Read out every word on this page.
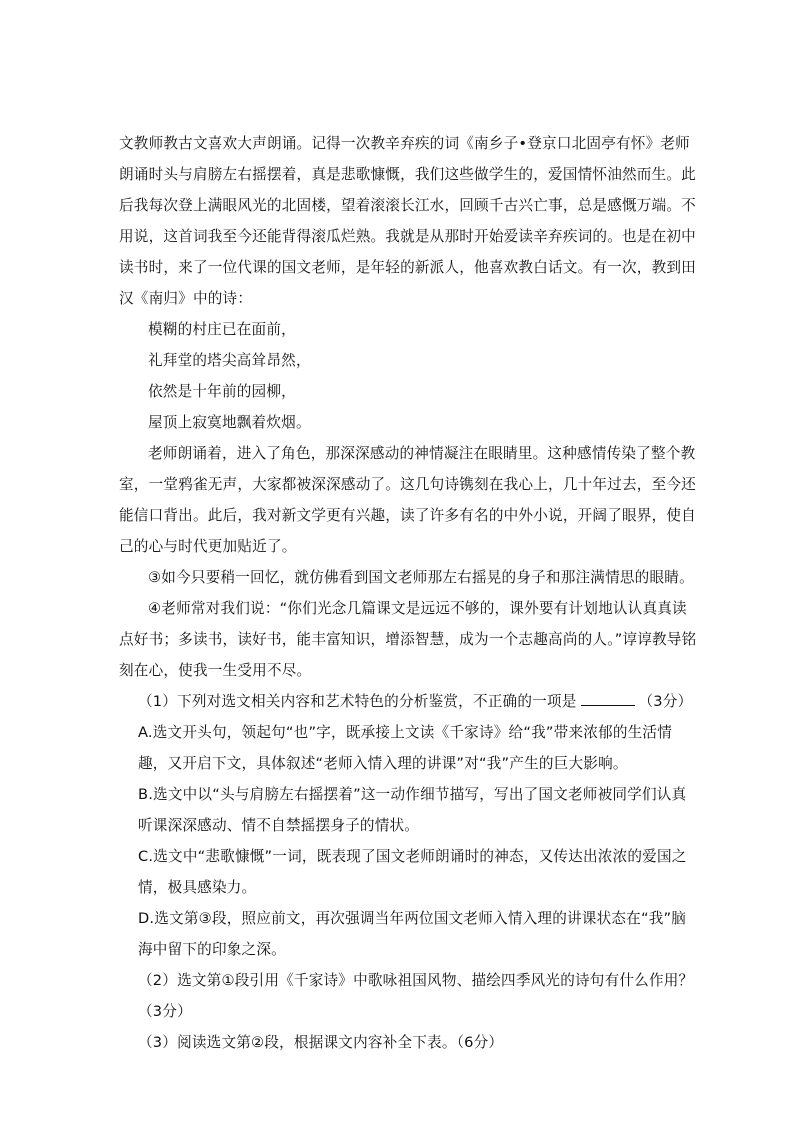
文教师教古文喜欢大声朗诵。记得一次教辛弃疾的词《南乡子•登京口北固亭有怀》老师
朗诵时头与肩膀左右摇摆着，真是悲歌慷慨，我们这些做学生的，爱国情怀油然而生。此
后我每次登上满眼风光的北固楼，望着滚滚长江水，回顾千古兴亡事，总是感慨万端。不
用说，这首词我至今还能背得滚瓜烂熟。我就是从那时开始爱读辛弃疾词的。也是在初中
读书时，来了一位代课的国文老师，是年轻的新派人，他喜欢教白话文。有一次，教到田
汉《南归》中的诗：
模糊的村庄已在面前，
礼拜堂的塔尖高耸昂然，
依然是十年前的园柳，
屋顶上寂寞地飘着炊烟。
老师朗诵着，进入了角色，那深深感动的神情凝注在眼睛里。这种感情传染了整个教
室，一堂鸦雀无声，大家都被深深感动了。这几句诗镌刻在我心上，几十年过去，至今还
能信口背出。此后，我对新文学更有兴趣，读了许多有名的中外小说，开阔了眼界，使自
己的心与时代更加贴近了。
③如今只要稍一回忆，就仿佛看到国文老师那左右摇晃的身子和那注满情思的眼睛。
④老师常对我们说：“你们光念几篇课文是远远不够的，课外要有计划地认认真真读
点好书；多读书，读好书，能丰富知识，增添智慧，成为一个志趣高尚的人。”谆谆教导铭
刻在心，使我一生受用不尽。
（1）下列对选文相关内容和艺术特色的分析鉴赏，不正确的一项是	（3分）
A.选文开头句，领起句“也”字，既承接上文读《千家诗》给“我”带来浓郁的生活情
趣，又开启下文，具体叙述“老师入情入理的讲课”对“我”产生的巨大影响。
B.选文中以“头与肩膀左右摇摆着”这一动作细节描写，写出了国文老师被同学们认真
听课深深感动、情不自禁摇摆身子的情状。
C.选文中“悲歌慷慨”一词，既表现了国文老师朗诵时的神态，又传达出浓浓的爱国之
情，极具感染力。
D.选文第③段，照应前文，再次强调当年两位国文老师入情入理的讲课状态在“我”脑
海中留下的印象之深。
（2）选文第①段引用《千家诗》中歌咏祖国风物、描绘四季风光的诗句有什么作用？
（3分）
（3）阅读选文第②段，根据课文内容补全下表。（6分）
